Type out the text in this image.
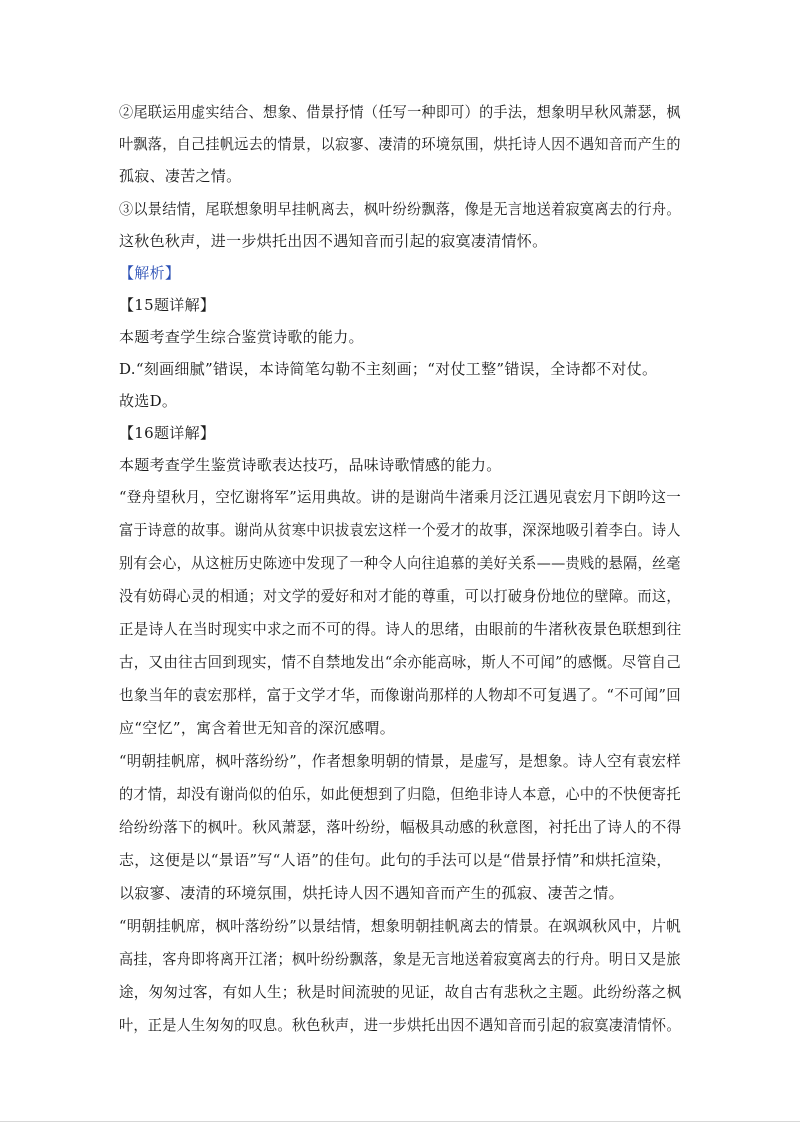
②尾联运用虚实结合、想象、借景抒情（任写一种即可）的手法，想象明早秋风萧瑟，枫
叶飘落，自己挂帆远去的情景，以寂寥、凄清的环境氛围，烘托诗人因不遇知音而产生的
孤寂、凄苦之情。
③以景结情，尾联想象明早挂帆离去，枫叶纷纷飘落，像是无言地送着寂寞离去的行舟。
这秋色秋声，进一步烘托出因不遇知音而引起的寂寞凄清情怀。
【解析】
【15题详解】
本题考查学生综合鉴赏诗歌的能力。
D.“刻画细腻”错误，本诗简笔勾勒不主刻画；“对仗工整”错误，全诗都不对仗。
故选D。
【16题详解】
本题考查学生鉴赏诗歌表达技巧，品味诗歌情感的能力。
“登舟望秋月，空忆谢将军”运用典故。讲的是谢尚牛渚乘月泛江遇见袁宏月下朗吟这一
富于诗意的故事。谢尚从贫寒中识拔袁宏这样一个爱才的故事，深深地吸引着李白。诗人
别有会心，从这桩历史陈迹中发现了一种令人向往追慕的美好关系——贵贱的悬隔，丝毫
没有妨碍心灵的相通；对文学的爱好和对才能的尊重，可以打破身份地位的壁障。而这，
正是诗人在当时现实中求之而不可的得。诗人的思绪，由眼前的牛渚秋夜景色联想到往
古，又由往古回到现实，情不自禁地发出“余亦能高咏，斯人不可闻”的感慨。尽管自己
也象当年的袁宏那样，富于文学才华，而像谢尚那样的人物却不可复遇了。“不可闻”回
应“空忆”，寓含着世无知音的深沉感喟。
“明朝挂帆席，枫叶落纷纷”，作者想象明朝的情景，是虚写，是想象。诗人空有袁宏样
的才情，却没有谢尚似的伯乐，如此便想到了归隐，但绝非诗人本意，心中的不快便寄托
给纷纷落下的枫叶。秋风萧瑟，落叶纷纷，幅极具动感的秋意图，衬托出了诗人的不得
志，这便是以“景语”写“人语”的佳句。此句的手法可以是“借景抒情”和烘托渲染，
以寂寥、凄清的环境氛围，烘托诗人因不遇知音而产生的孤寂、凄苦之情。
“明朝挂帆席，枫叶落纷纷”以景结情，想象明朝挂帆离去的情景。在飒飒秋风中，片帆
高挂，客舟即将离开江渚；枫叶纷纷飘落，象是无言地送着寂寞离去的行舟。明日又是旅
途，匆匆过客，有如人生；秋是时间流驶的见证，故自古有悲秋之主题。此纷纷落之枫
叶，正是人生匆匆的叹息。秋色秋声，进一步烘托出因不遇知音而引起的寂寞凄清情怀。
